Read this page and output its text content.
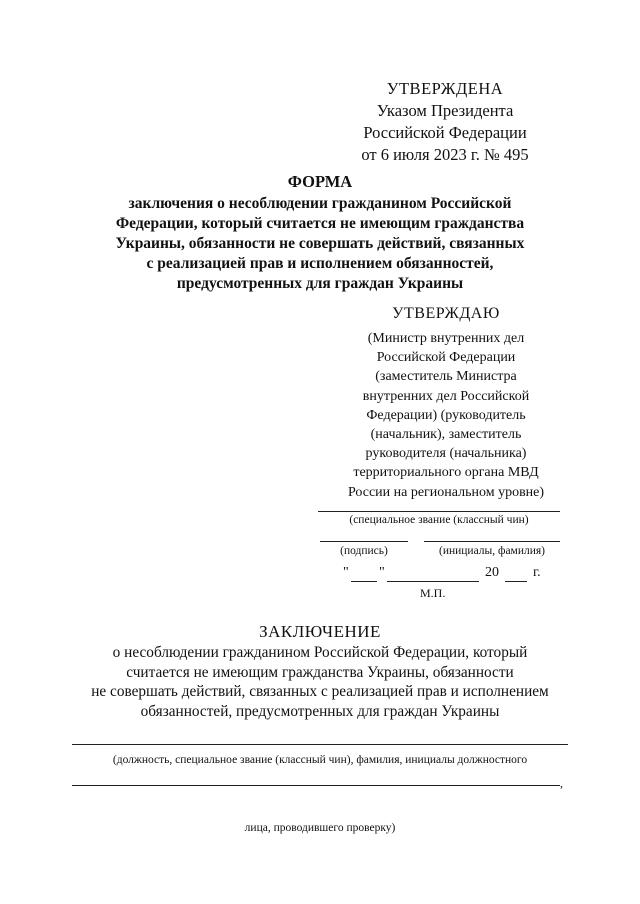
УТВЕРЖДЕНА
Указом Президента
Российской Федерации
от 6 июля 2023 г. № 495
ФОРМА
заключения о несоблюдении гражданином Российской
Федерации, который считается не имеющим гражданства
Украины, обязанности не совершать действий, связанных
с реализацией прав и исполнением обязанностей,
предусмотренных для граждан Украины
УТВЕРЖДАЮ
(Министр внутренних дел
Российской Федерации
(заместитель Министра
внутренних дел Российской
Федерации) (руководитель
(начальник), заместитель
руководителя (начальника)
территориального органа МВД
России на региональном уровне)
(специальное звание (классный чин)
(подпись)	(инициалы, фамилия)
" "	20 г.
М.П.
ЗАКЛЮЧЕНИЕ
о несоблюдении гражданином Российской Федерации, который
считается не имеющим гражданства Украины, обязанности
не совершать действий, связанных с реализацией прав и исполнением
обязанностей, предусмотренных для граждан Украины
(должность, специальное звание (классный чин), фамилия, инициалы должностного
,
лица, проводившего проверку)
